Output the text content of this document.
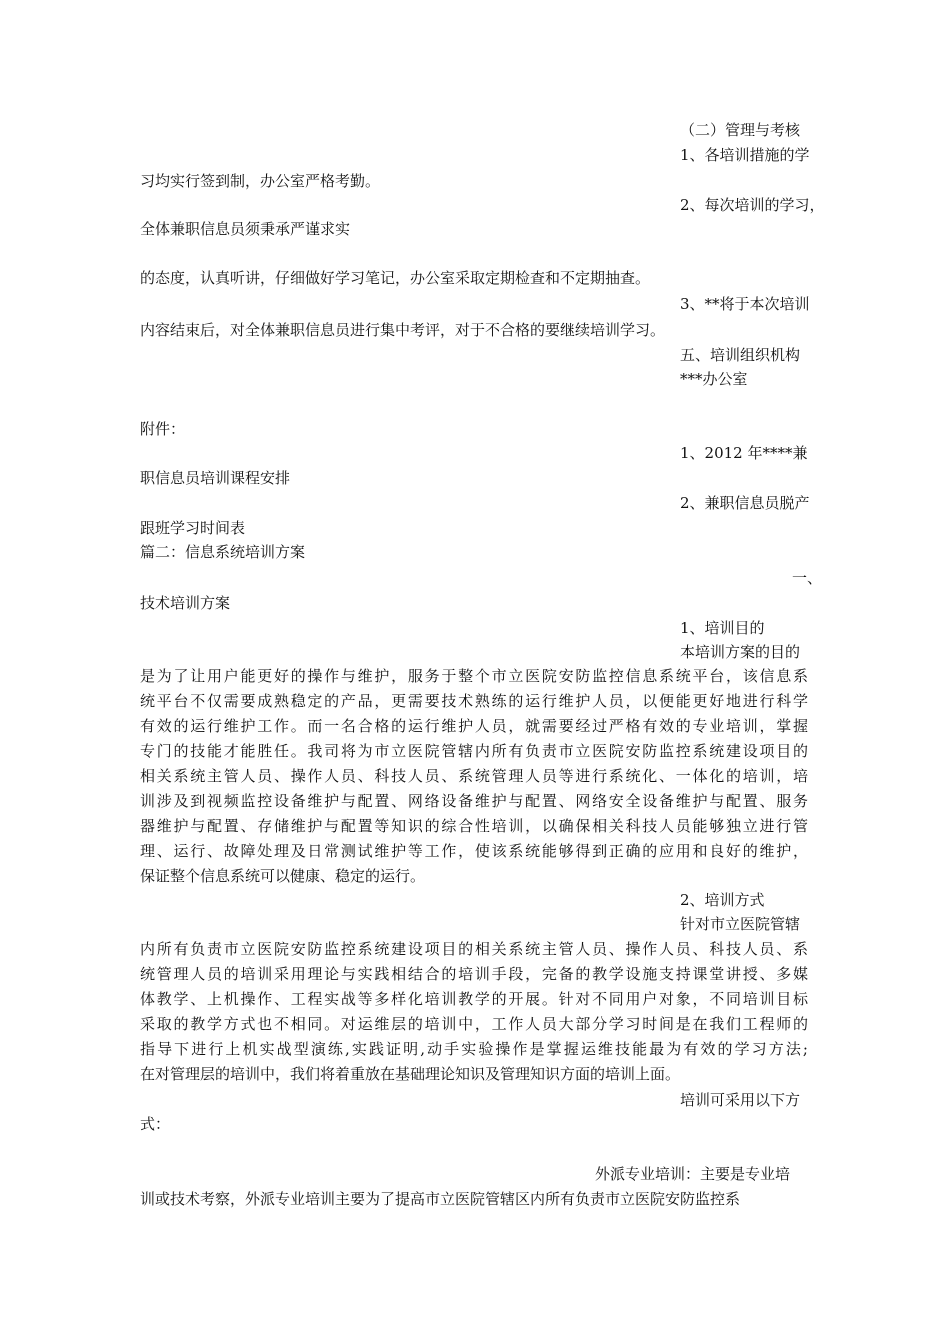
（二）管理与考核
1、各培训措施的学
习均实行签到制，办公室严格考勤。
2、每次培训的学习，
全体兼职信息员须秉承严谨求实
的态度，认真听讲，仔细做好学习笔记，办公室采取定期检查和不定期抽查。
3、**将于本次培训
内容结束后，对全体兼职信息员进行集中考评，对于不合格的要继续培训学习。
五、培训组织机构
***办公室
附件：
1、2012 年****兼
职信息员培训课程安排
2、兼职信息员脱产
跟班学习时间表
篇二：信息系统培训方案
一、
技术培训方案
1、培训目的
本培训方案的目的
是为了让用户能更好的操作与维护，服务于整个市立医院安防监控信息系统平台，该信息系
统平台不仅需要成熟稳定的产品，更需要技术熟练的运行维护人员，以便能更好地进行科学
有效的运行维护工作。而一名合格的运行维护人员，就需要经过严格有效的专业培训，掌握
专门的技能才能胜任。我司将为市立医院管辖内所有负责市立医院安防监控系统建设项目的
相关系统主管人员、操作人员、科技人员、系统管理人员等进行系统化、一体化的培训，培
训涉及到视频监控设备维护与配置、网络设备维护与配置、网络安全设备维护与配置、服务
器维护与配置、存储维护与配置等知识的综合性培训，以确保相关科技人员能够独立进行管
理、运行、故障处理及日常测试维护等工作，使该系统能够得到正确的应用和良好的维护，
保证整个信息系统可以健康、稳定的运行。
2、培训方式
针对市立医院管辖
内所有负责市立医院安防监控系统建设项目的相关系统主管人员、操作人员、科技人员、系
统管理人员的培训采用理论与实践相结合的培训手段，完备的教学设施支持课堂讲授、多媒
体教学、上机操作、工程实战等多样化培训教学的开展。针对不同用户对象，不同培训目标
采取的教学方式也不相同。对运维层的培训中，工作人员大部分学习时间是在我们工程师的
指导下进行上机实战型演练,实践证明,动手实验操作是掌握运维技能最为有效的学习方法;
在对管理层的培训中，我们将着重放在基础理论知识及管理知识方面的培训上面。
培训可采用以下方
式：
外派专业培训：主要是专业培
训或技术考察，外派专业培训主要为了提高市立医院管辖区内所有负责市立医院安防监控系
